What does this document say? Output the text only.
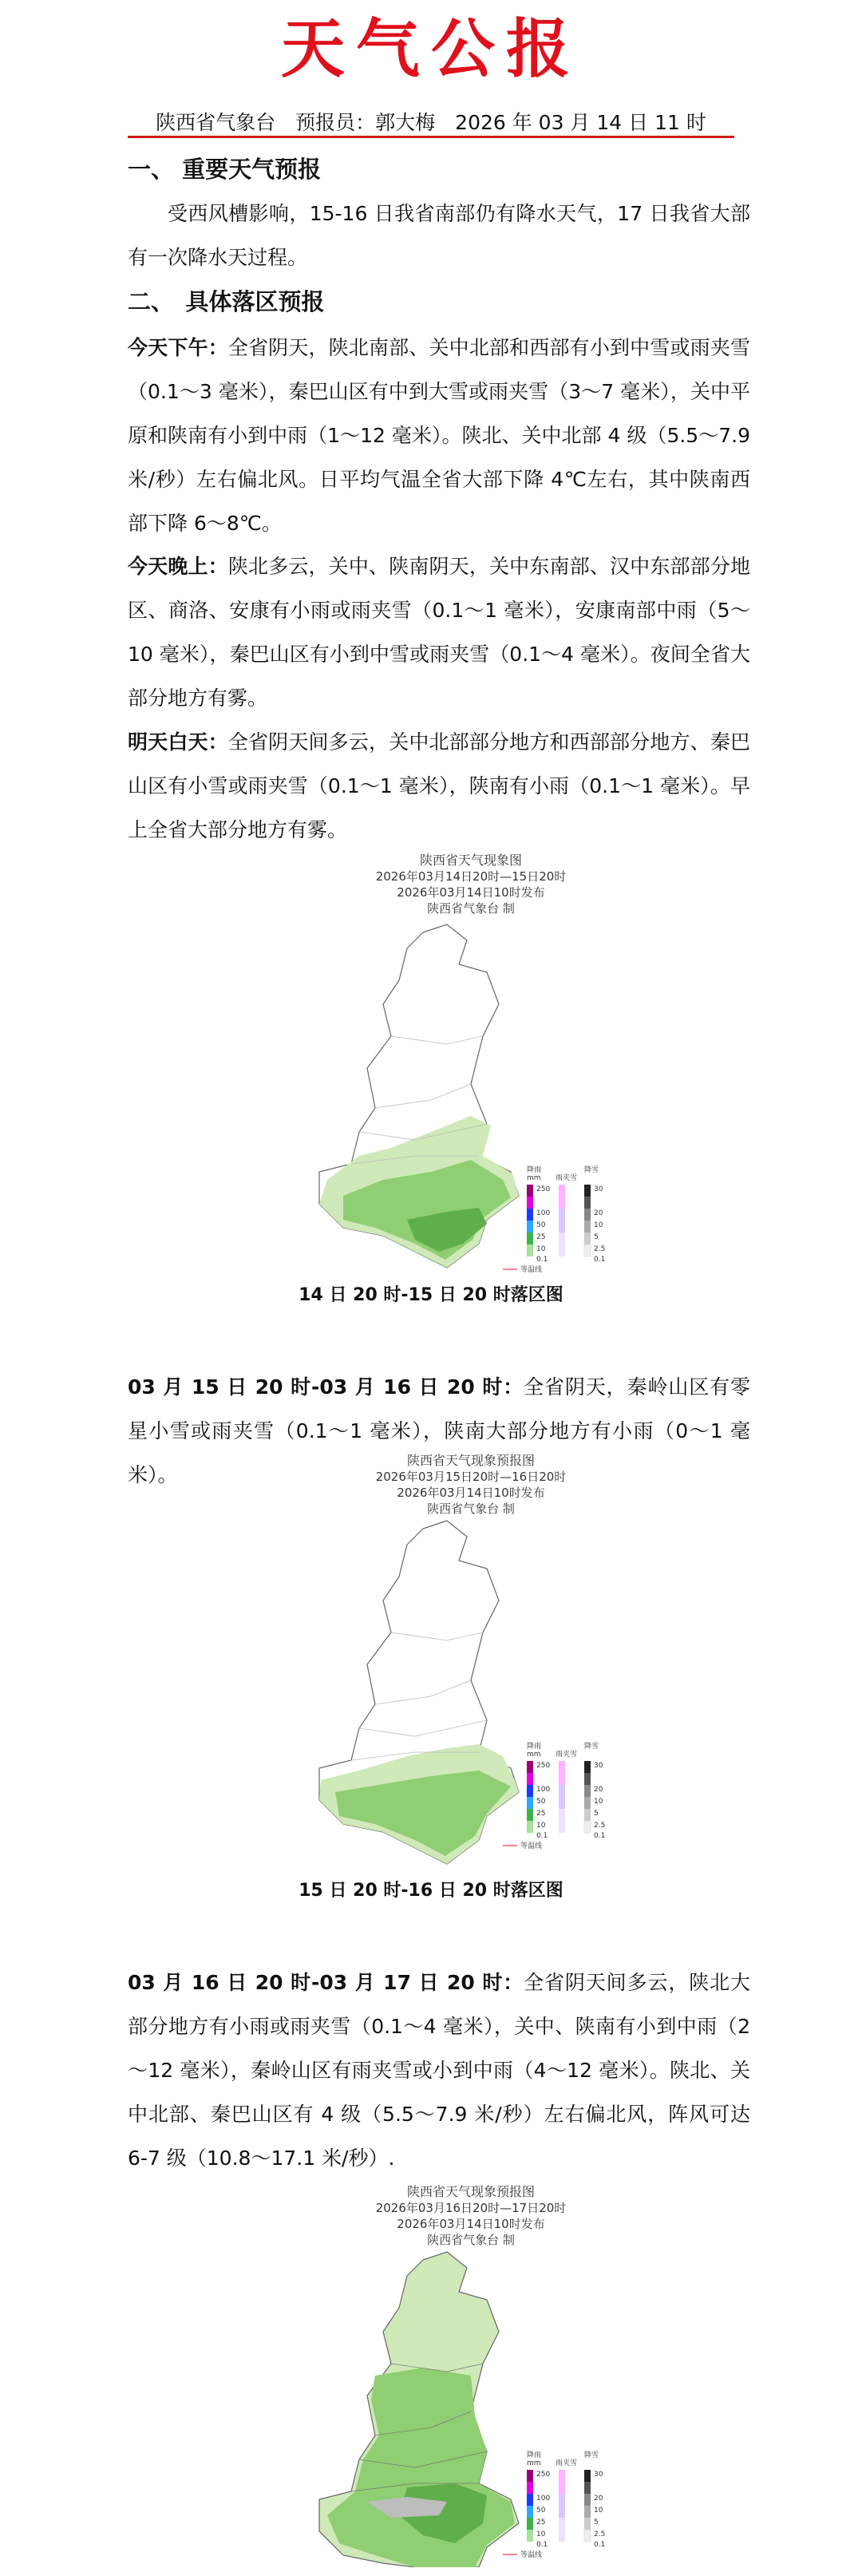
天气公报
陕西省气象台　预报员：郭大梅　2026 年 03 月 14 日 11 时
一、 重要天气预报

受西风槽影响，15-16 日我省南部仍有降水天气，17 日我省大部有一次降水天过程。

二、　具体落区预报

今天下午：全省阴天，陕北南部、关中北部和西部有小到中雪或雨夹雪（0.1～3 毫米），秦巴山区有中到大雪或雨夹雪（3～7 毫米），关中平原和陕南有小到中雨（1～12 毫米）。陕北、关中北部 4 级（5.5～7.9 米/秒）左右偏北风。日平均气温全省大部下降 4℃左右，其中陕南西部下降 6～8℃。

今天晚上：陕北多云，关中、陕南阴天，关中东南部、汉中东部部分地区、商洛、安康有小雨或雨夹雪（0.1～1 毫米），安康南部中雨（5～10 毫米），秦巴山区有小到中雪或雨夹雪（0.1～4 毫米）。夜间全省大部分地方有雾。

明天白天：全省阴天间多云，关中北部部分地方和西部部分地方、秦巴山区有小雪或雨夹雪（0.1～1 毫米），陕南有小雨（0.1～1 毫米）。早上全省大部分地方有雾。

陕西省天气现象图
2026年03月14日20时—15日20时
2026年03月14日10时发布
陕西省气象台 制
降雨
mm
250
100
50
25
10
0.1
雨夹雪
降雪
30
20
10
5
2.5
0.1
等温线
14 日 20 时-15 日 20 时落区图

03 月 15 日 20 时-03 月 16 日 20 时：全省阴天，秦岭山区有零星小雪或雨夹雪（0.1～1 毫米），陕南大部分地方有小雨（0～1 毫米）。

陕西省天气现象预报图
2026年03月15日20时—16日20时
2026年03月14日10时发布
陕西省气象台 制
降雨
mm
250
100
50
25
10
0.1
雨夹雪
降雪
30
20
10
5
2.5
0.1
等温线
15 日 20 时-16 日 20 时落区图

03 月 16 日 20 时-03 月 17 日 20 时：全省阴天间多云，陕北大部分地方有小雨或雨夹雪（0.1～4 毫米），关中、陕南有小到中雨（2～12 毫米），秦岭山区有雨夹雪或小到中雨（4～12 毫米）。陕北、关中北部、秦巴山区有 4 级（5.5～7.9 米/秒）左右偏北风，阵风可达 6-7 级（10.8～17.1 米/秒）.

陕西省天气现象预报图
2026年03月16日20时—17日20时
2026年03月14日10时发布
陕西省气象台 制
降雨
mm
250
100
50
25
10
0.1
雨夹雪
降雪
30
20
10
5
2.5
0.1
等温线
